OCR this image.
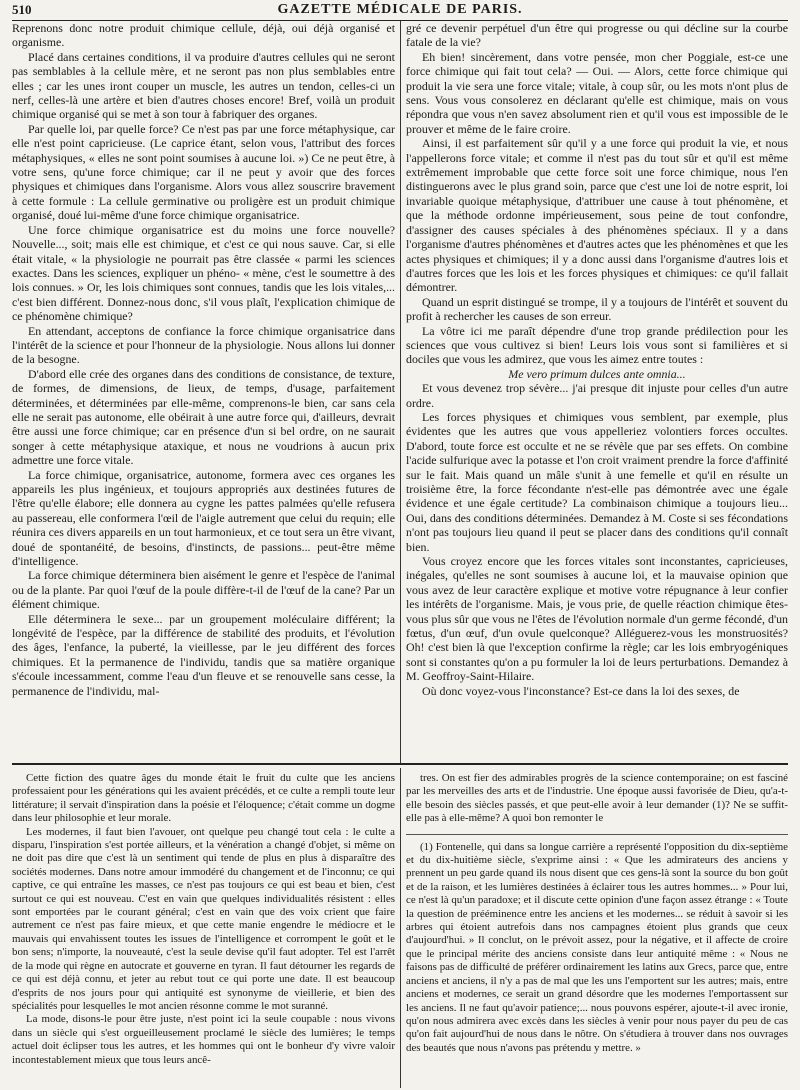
510	GAZETTE MÉDICALE DE PARIS.

Reprenons donc notre produit chimique cellule, déjà, oui déjà organisé et organisme.

Placé dans certaines conditions, il va produire d'autres cellules qui ne seront pas semblables à la cellule mère, et ne seront pas non plus semblables entre elles ; car les unes iront couper un muscle, les autres un tendon, celles-ci un nerf, celles-là une artère et bien d'autres choses encore! Bref, voilà un produit chimique organisé qui se met à son tour à fabriquer des organes.

Par quelle loi, par quelle force? Ce n'est pas par une force métaphysique, car elle n'est point capricieuse. (Le caprice étant, selon vous, l'attribut des forces métaphysiques, « elles ne sont point soumises à aucune loi. ») Ce ne peut être, à votre sens, qu'une force chimique; car il ne peut y avoir que des forces physiques et chimiques dans l'organisme. Alors vous allez souscrire bravement à cette formule : La cellule germinative ou proligère est un produit chimique organisé, doué lui-même d'une force chimique organisatrice.

Une force chimique organisatrice est du moins une force nouvelle? Nouvelle..., soit; mais elle est chimique, et c'est ce qui nous sauve. Car, si elle était vitale, « la physiologie ne pourrait pas être classée « parmi les sciences exactes. Dans les sciences, expliquer un phéno- « mène, c'est le soumettre à des lois connues. » Or, les lois chimiques sont connues, tandis que les lois vitales,... c'est bien différent. Donnez-nous donc, s'il vous plaît, l'explication chimique de ce phénomène chimique?

En attendant, acceptons de confiance la force chimique organisatrice dans l'intérêt de la science et pour l'honneur de la physiologie. Nous allons lui donner de la besogne.

D'abord elle crée des organes dans des conditions de consistance, de texture, de formes, de dimensions, de lieux, de temps, d'usage, parfaitement déterminées, et déterminées par elle-même, comprenons-le bien, car sans cela elle ne serait pas autonome, elle obéirait à une autre force qui, d'ailleurs, devrait être aussi une force chimique; car en présence d'un si bel ordre, on ne saurait songer à cette métaphysique ataxique, et nous ne voudrions à aucun prix admettre une force vitale.

La force chimique, organisatrice, autonome, formera avec ces organes les appareils les plus ingénieux, et toujours appropriés aux destinées futures de l'être qu'elle élabore; elle donnera au cygne les pattes palmées qu'elle refusera au passereau, elle conformera l'œil de l'aigle autrement que celui du requin; elle réunira ces divers appareils en un tout harmonieux, et ce tout sera un être vivant, doué de spontanéité, de besoins, d'instincts, de passions... peut-être même d'intelligence.

La force chimique déterminera bien aisément le genre et l'espèce de l'animal ou de la plante. Par quoi l'œuf de la poule diffère-t-il de l'œuf de la cane? Par un élément chimique.

Elle déterminera le sexe... par un groupement moléculaire différent; la longévité de l'espèce, par la différence de stabilité des produits, et l'évolution des âges, l'enfance, la puberté, la vieillesse, par le jeu différent des forces chimiques. Et la permanence de l'individu, tandis que sa matière organique s'écoule incessamment, comme l'eau d'un fleuve et se renouvelle sans cesse, la permanence de l'individu, mal-

gré ce devenir perpétuel d'un être qui progresse ou qui décline sur la courbe fatale de la vie?

Eh bien! sincèrement, dans votre pensée, mon cher Poggiale, est-ce une force chimique qui fait tout cela? — Oui. — Alors, cette force chimique qui produit la vie sera une force vitale; vitale, à coup sûr, ou les mots n'ont plus de sens. Vous vous consolerez en déclarant qu'elle est chimique, mais on vous répondra que vous n'en savez absolument rien et qu'il vous est impossible de le prouver et même de le faire croire.

Ainsi, il est parfaitement sûr qu'il y a une force qui produit la vie, et nous l'appellerons force vitale; et comme il n'est pas du tout sûr et qu'il est même extrêmement improbable que cette force soit une force chimique, nous l'en distinguerons avec le plus grand soin, parce que c'est une loi de notre esprit, loi invariable quoique métaphysique, d'attribuer une cause à tout phénomène, et que la méthode ordonne impérieusement, sous peine de tout confondre, d'assigner des causes spéciales à des phénomènes spéciaux. Il y a dans l'organisme d'autres phénomènes et d'autres actes que les phénomènes et que les actes physiques et chimiques; il y a donc aussi dans l'organisme d'autres lois et d'autres forces que les lois et les forces physiques et chimiques: ce qu'il fallait démontrer.

Quand un esprit distingué se trompe, il y a toujours de l'intérêt et souvent du profit à rechercher les causes de son erreur.

La vôtre ici me paraît dépendre d'une trop grande prédilection pour les sciences que vous cultivez si bien! Leurs lois vous sont si familières et si dociles que vous les admirez, que vous les aimez entre toutes :

Me vero primum dulces ante omnia...

Et vous devenez trop sévère... j'ai presque dit injuste pour celles d'un autre ordre.

Les forces physiques et chimiques vous semblent, par exemple, plus évidentes que les autres que vous appelleriez volontiers forces occultes. D'abord, toute force est occulte et ne se révèle que par ses effets. On combine l'acide sulfurique avec la potasse et l'on croit vraiment prendre la force d'affinité sur le fait. Mais quand un mâle s'unit à une femelle et qu'il en résulte un troisième être, la force fécondante n'est-elle pas démontrée avec une égale évidence et une égale certitude? La combinaison chimique a toujours lieu... Oui, dans des conditions déterminées. Demandez à M. Coste si ses fécondations n'ont pas toujours lieu quand il peut se placer dans des conditions qu'il connaît bien.

Vous croyez encore que les forces vitales sont inconstantes, capricieuses, inégales, qu'elles ne sont soumises à aucune loi, et la mauvaise opinion que vous avez de leur caractère explique et motive votre répugnance à leur confier les intérêts de l'organisme. Mais, je vous prie, de quelle réaction chimique êtes-vous plus sûr que vous ne l'êtes de l'évolution normale d'un germe fécondé, d'un fœtus, d'un œuf, d'un ovule quelconque? Alléguerez-vous les monstruosités? Oh! c'est bien là que l'exception confirme la règle; car les lois embryogéniques sont si constantes qu'on a pu formuler la loi de leurs perturbations. Demandez à M. Geoffroy-Saint-Hilaire.

Où donc voyez-vous l'inconstance? Est-ce dans la loi des sexes, de

Cette fiction des quatre âges du monde était le fruit du culte que les anciens professaient pour les générations qui les avaient précédés, et ce culte a rempli toute leur littérature; il servait d'inspiration dans la poésie et l'éloquence; c'était comme un dogme dans leur philosophie et leur morale.

Les modernes, il faut bien l'avouer, ont quelque peu changé tout cela : le culte a disparu, l'inspiration s'est portée ailleurs, et la vénération a changé d'objet, si même on ne doit pas dire que c'est là un sentiment qui tende de plus en plus à disparaître des sociétés modernes. Dans notre amour immodéré du changement et de l'inconnu; ce qui captive, ce qui entraîne les masses, ce n'est pas toujours ce qui est beau et bien, c'est surtout ce qui est nouveau. C'est en vain que quelques individualités résistent : elles sont emportées par le courant général; c'est en vain que des voix crient que faire autrement ce n'est pas faire mieux, et que cette manie engendre le médiocre et le mauvais qui envahissent toutes les issues de l'intelligence et corrompent le goût et le bon sens; n'importe, la nouveauté, c'est la seule devise qu'il faut adopter. Tel est l'arrêt de la mode qui règne en autocrate et gouverne en tyran. Il faut détourner les regards de ce qui est déjà connu, et jeter au rebut tout ce qui porte une date. Il est beaucoup d'esprits de nos jours pour qui antiquité est synonyme de vieillerie, et bien des spécialités pour lesquelles le mot ancien résonne comme le mot suranné.

La mode, disons-le pour être juste, n'est point ici la seule coupable : nous vivons dans un siècle qui s'est orgueilleusement proclamé le siècle des lumières; le temps actuel doit éclipser tous les autres, et les hommes qui ont le bonheur d'y vivre valoir incontestablement mieux que tous leurs ancê-

tres. On est fier des admirables progrès de la science contemporaine; on est fasciné par les merveilles des arts et de l'industrie. Une époque aussi favorisée de Dieu, qu'a-t-elle besoin des siècles passés, et que peut-elle avoir à leur demander (1)? Ne se suffit-elle pas à elle-même? A quoi bon remonter le

(1) Fontenelle, qui dans sa longue carrière a représenté l'opposition du dix-septième et du dix-huitième siècle, s'exprime ainsi : « Que les admirateurs des anciens y prennent un peu garde quand ils nous disent que ces gens-là sont la source du bon goût et de la raison, et les lumières destinées à éclairer tous les autres hommes... » Pour lui, ce n'est là qu'un paradoxe; et il discute cette opinion d'une façon assez étrange : « Toute la question de prééminence entre les anciens et les modernes... se réduit à savoir si les arbres qui étoient autrefois dans nos campagnes étoient plus grands que ceux d'aujourd'hui. » Il conclut, on le prévoit assez, pour la négative, et il affecte de croire que le principal mérite des anciens consiste dans leur antiquité même : « Nous ne faisons pas de difficulté de préférer ordinairement les latins aux Grecs, parce que, entre anciens et anciens, il n'y a pas de mal que les uns l'emportent sur les autres; mais, entre anciens et modernes, ce serait un grand désordre que les modernes l'emportassent sur les anciens. Il ne faut qu'avoir patience;... nous pouvons espérer, ajoute-t-il avec ironie, qu'on nous admirera avec excès dans les siècles à venir pour nous payer du peu de cas qu'on fait aujourd'hui de nous dans le nôtre. On s'étudiera à trouver dans nos ouvrages des beautés que nous n'avons pas prétendu y mettre. »
